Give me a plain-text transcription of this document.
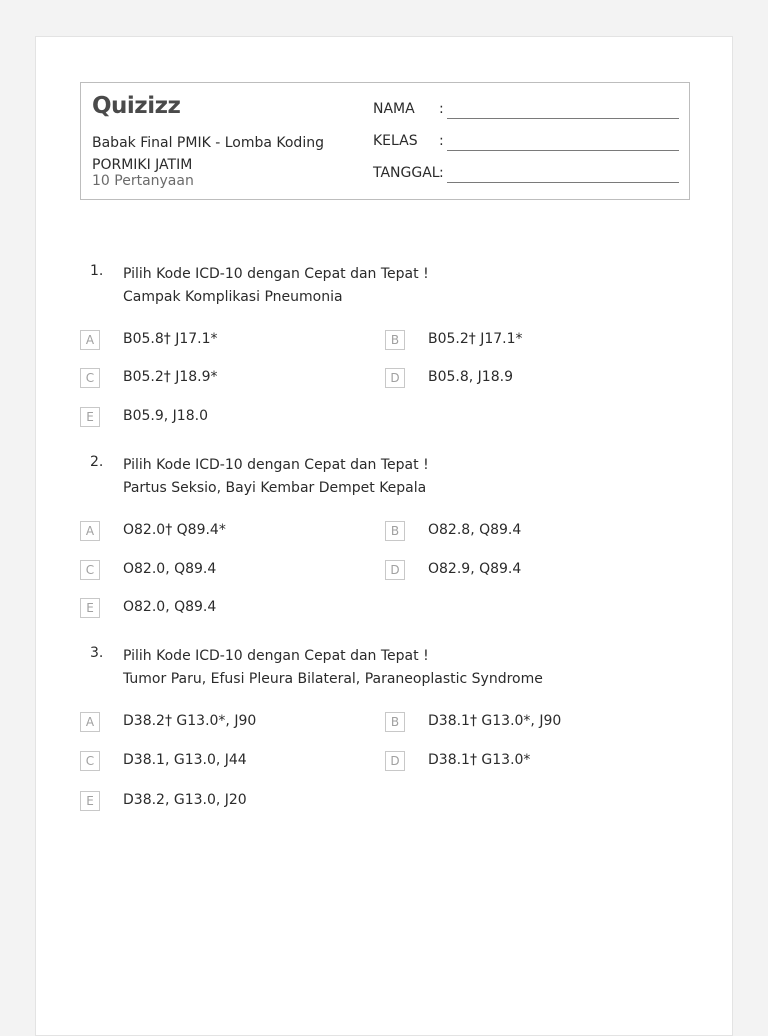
Quizizz
Babak Final PMIK - Lomba Koding PORMIKI JATIM
10 Pertanyaan
NAMA :
KELAS :
TANGGAL:
1. Pilih Kode ICD-10 dengan Cepat dan Tepat !
Campak Komplikasi Pneumonia
A	B05.8† J17.1*	B	B05.2† J17.1*
C	B05.2† J18.9*	D	B05.8, J18.9
E	B05.9, J18.0
2. Pilih Kode ICD-10 dengan Cepat dan Tepat !
Partus Seksio, Bayi Kembar Dempet Kepala
A	O82.0† Q89.4*	B	O82.8, Q89.4
C	O82.0, Q89.4	D	O82.9, Q89.4
E	O82.0, Q89.4
3. Pilih Kode ICD-10 dengan Cepat dan Tepat !
Tumor Paru, Efusi Pleura Bilateral, Paraneoplastic Syndrome
A	D38.2† G13.0*, J90	B	D38.1† G13.0*, J90
C	D38.1, G13.0, J44	D	D38.1† G13.0*
E	D38.2, G13.0, J20
